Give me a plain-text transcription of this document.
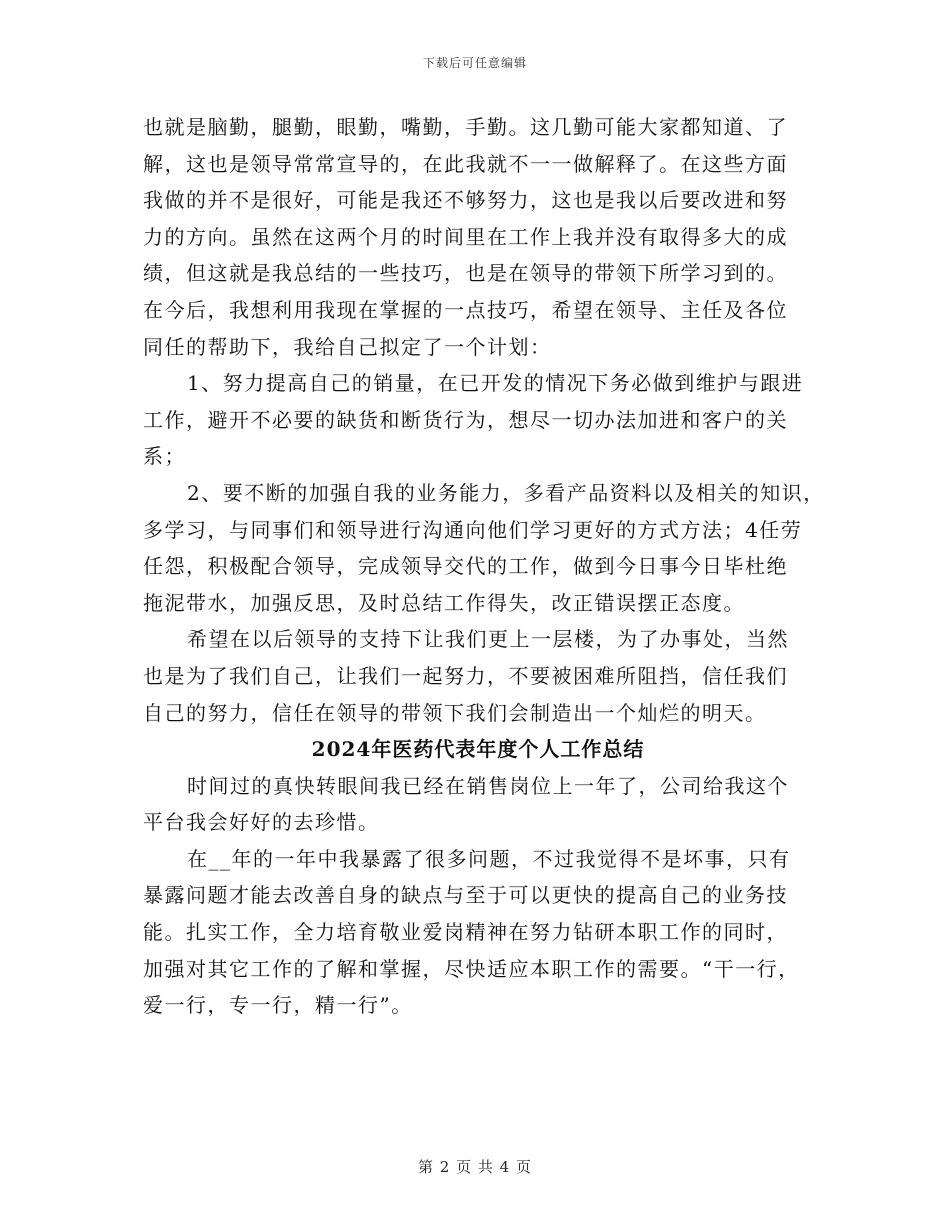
下载后可任意编辑
也就是脑勤，腿勤，眼勤，嘴勤，手勤。这几勤可能大家都知道、了
解，这也是领导常常宣导的，在此我就不一一做解释了。在这些方面
我做的并不是很好，可能是我还不够努力，这也是我以后要改进和努
力的方向。虽然在这两个月的时间里在工作上我并没有取得多大的成
绩，但这就是我总结的一些技巧，也是在领导的带领下所学习到的。
在今后，我想利用我现在掌握的一点技巧，希望在领导、主任及各位
同任的帮助下，我给自己拟定了一个计划：
1、努力提高自己的销量，在已开发的情况下务必做到维护与跟进
工作，避开不必要的缺货和断货行为，想尽一切办法加进和客户的关
系；
2、要不断的加强自我的业务能力，多看产品资料以及相关的知识，
多学习，与同事们和领导进行沟通向他们学习更好的方式方法；4任劳
任怨，积极配合领导，完成领导交代的工作，做到今日事今日毕杜绝
拖泥带水，加强反思，及时总结工作得失，改正错误摆正态度。
希望在以后领导的支持下让我们更上一层楼，为了办事处，当然
也是为了我们自己，让我们一起努力，不要被困难所阻挡，信任我们
自己的努力，信任在领导的带领下我们会制造出一个灿烂的明天。
2024年医药代表年度个人工作总结
时间过的真快转眼间我已经在销售岗位上一年了，公司给我这个
平台我会好好的去珍惜。
在__年的一年中我暴露了很多问题，不过我觉得不是坏事，只有
暴露问题才能去改善自身的缺点与至于可以更快的提高自己的业务技
能。扎实工作，全力培育敬业爱岗精神在努力钻研本职工作的同时，
加强对其它工作的了解和掌握，尽快适应本职工作的需要。“干一行，
爱一行，专一行，精一行”。
第 2 页 共 4 页
